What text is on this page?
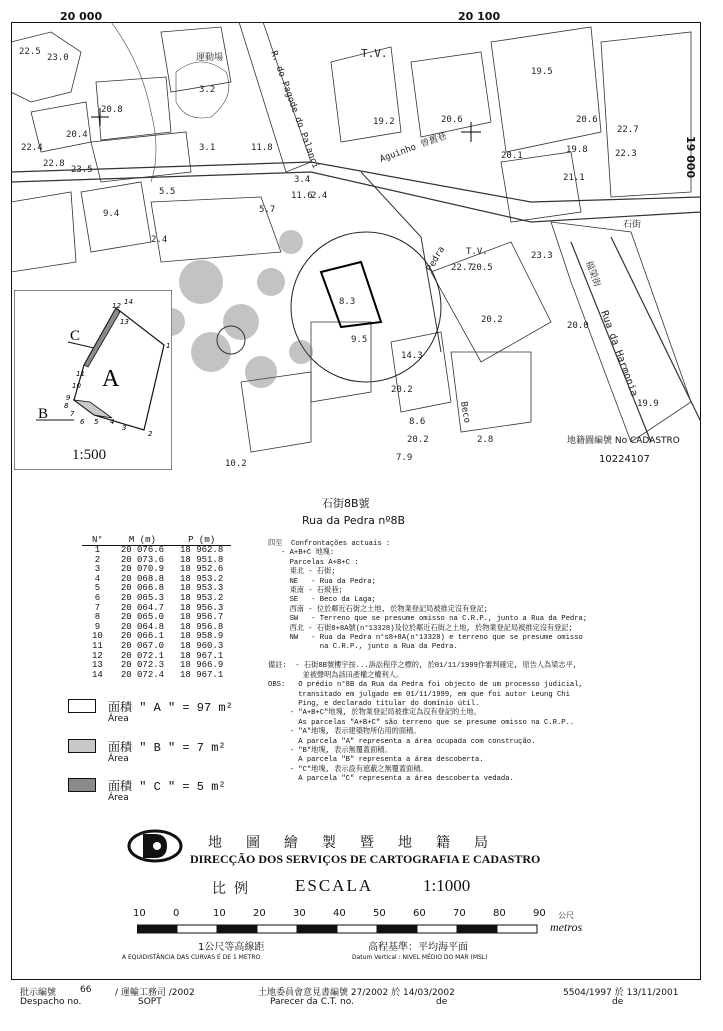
20 000	20 100
19 000
T.V.
T.V.
運動場	R. do Pagode do Palanci	Aguinho 曾舊巷
Pedra
Rua da Harmonia
福榮街
石街
Beco
22.5
23.0
3.2
20.8
22.8
20.4
3.1
22.4	11.8
19.5
19.2	20.6	20.6
19.8	22.3
22.7
20.1
21.1
11.6
20.5
23.3
20.2
20.0
8.3
9.5
14.3
20.2
22.7
8.6
19.9
7.9
2.8
10.2
20.2
2.4
5.7
9.4
5.5
23.5
2.4
3.4
A
B
C
1
2
3
4
5
6
7
8
9
10
11
12
13
14
1:500
地籍圖編號 No CADASTRO
10224107
石街8B號
Rua da Pedra nº8B
N°	M (m)	P (m)
1	20 076.6	18 962.8
2	20 073.6	18 951.8
3	20 070.9	18 952.6
4	20 068.8	18 953.2
5	20 066.8	18 953.3
6	20 065.3	18 953.2
7	20 064.7	18 956.3
8	20 065.0	18 956.7
9	20 064.8	18 956.8
10	20 066.1	18 958.9
11	20 067.0	18 960.3
12	20 072.1	18 967.1
13	20 072.3	18 966.9
14	20 072.4	18 967.1
面積 " A " = 97 m²
Área
面積 " B " = 7 m²
Área
面積 " C " = 5 m²
Área
四至  Confrontações actuais :
- A+B+C 地塊:
Parcelas A+B+C :
東北 - 石街;
NE   - Rua da Pedra;
東南 - 石級巷;
SE   - Beco da Laga;
西南 - 位於鄰近石街之土地, 於物業登記局被推定沒有登記;
SW   - Terreno que se presume omisso na C.R.P., junto a Rua da Pedra;
西北 - 石街8+8A號(n°13328)及位於鄰近石街之土地, 於物業登記局被推定沒有登記;
NW   - Rua da Pedra n°s8+8A(n°13328) e terreno que se presume omisso
na C.R.P., junto a Rua da Pedra.

備註:  - 石街8B號樓宇按...訴訟程序之標的, 於01/11/1999作審判確定, 原告人為梁志平,
並被聲明為該田產權之權利人。
OBS:   O prédio n°8B da Rua da Pedra foi objecto de um processo judicial,
transitado em julgado em 01/11/1999, em que foi autor Leung Chi
Ping, e declarado titular do domínio útil.
- "A+B+C"地塊, 於物業登記局被推定為沒有登記的土地。
As parcelas "A+B+C" são terreno que se presume omisso na C.R.P..
- "A"地塊, 表示建築物所佔用的面積。
A parcela "A" representa a área ocupada com construção.
- "B"地塊, 表示無覆蓋面積。
A parcela "B" representa a área descoberta.
- "C"地塊, 表示設有遮蔽之無覆蓋面積。
A parcela "C" representa a área descoberta vedada.
地圖繪製暨地籍局
DIRECÇÃO DOS SERVIÇOS DE CARTOGRAFIA E CADASTRO
比例 ESCALA	1:1000
10	0	10	20	30	40	50	60	70	80	90 公尺
metros
1公尺等高線距
A EQUIDISTÂNCIA DAS CURVAS É DE 1 METRO
高程基準：平均海平面
Datum Vertical : NIVEL MÉDIO DO MAR (MSL)
批示編號	66	/ 運輸工務司 /2002
Despacho no.	SOPT
土地委員會意見書編號 27/2002 於 14/03/2002
Parecer da C.T. no.	de
5504/1997 於 13/11/2001
de
